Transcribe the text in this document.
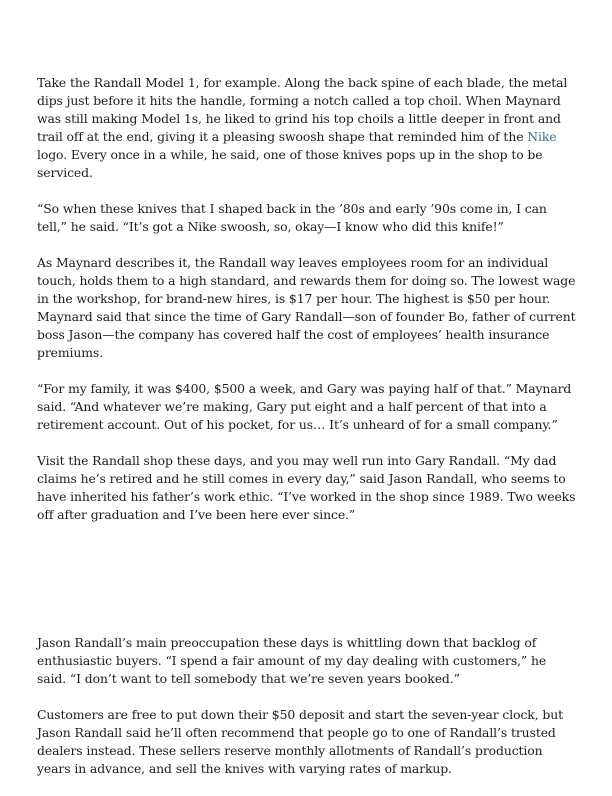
Take the Randall Model 1, for example. Along the back spine of each blade, the metal dips just before it hits the handle, forming a notch called a top choil. When Maynard was still making Model 1s, he liked to grind his top choils a little deeper in front and trail off at the end, giving it a pleasing swoosh shape that reminded him of the Nike logo. Every once in a while, he said, one of those knives pops up in the shop to be serviced.

“So when these knives that I shaped back in the ’80s and early ’90s come in, I can tell,” he said. “It’s got a Nike swoosh, so, okay—I know who did this knife!”

As Maynard describes it, the Randall way leaves employees room for an individual touch, holds them to a high standard, and rewards them for doing so. The lowest wage in the workshop, for brand-new hires, is $17 per hour. The highest is $50 per hour. Maynard said that since the time of Gary Randall—son of founder Bo, father of current boss Jason—the company has covered half the cost of employees’ health insurance premiums.

“For my family, it was $400, $500 a week, and Gary was paying half of that.” Maynard said. “And whatever we’re making, Gary put eight and a half percent of that into a retirement account. Out of his pocket, for us… It’s unheard of for a small company.”

Visit the Randall shop these days, and you may well run into Gary Randall. “My dad claims he’s retired and he still comes in every day,” said Jason Randall, who seems to have inherited his father’s work ethic. “I’ve worked in the shop since 1989. Two weeks off after graduation and I’ve been here ever since.”

Jason Randall’s main preoccupation these days is whittling down that backlog of enthusiastic buyers. “I spend a fair amount of my day dealing with customers,” he said. “I don’t want to tell somebody that we’re seven years booked.”

Customers are free to put down their $50 deposit and start the seven-year clock, but Jason Randall said he’ll often recommend that people go to one of Randall’s trusted dealers instead. These sellers reserve monthly allotments of Randall’s production years in advance, and sell the knives with varying rates of markup.
